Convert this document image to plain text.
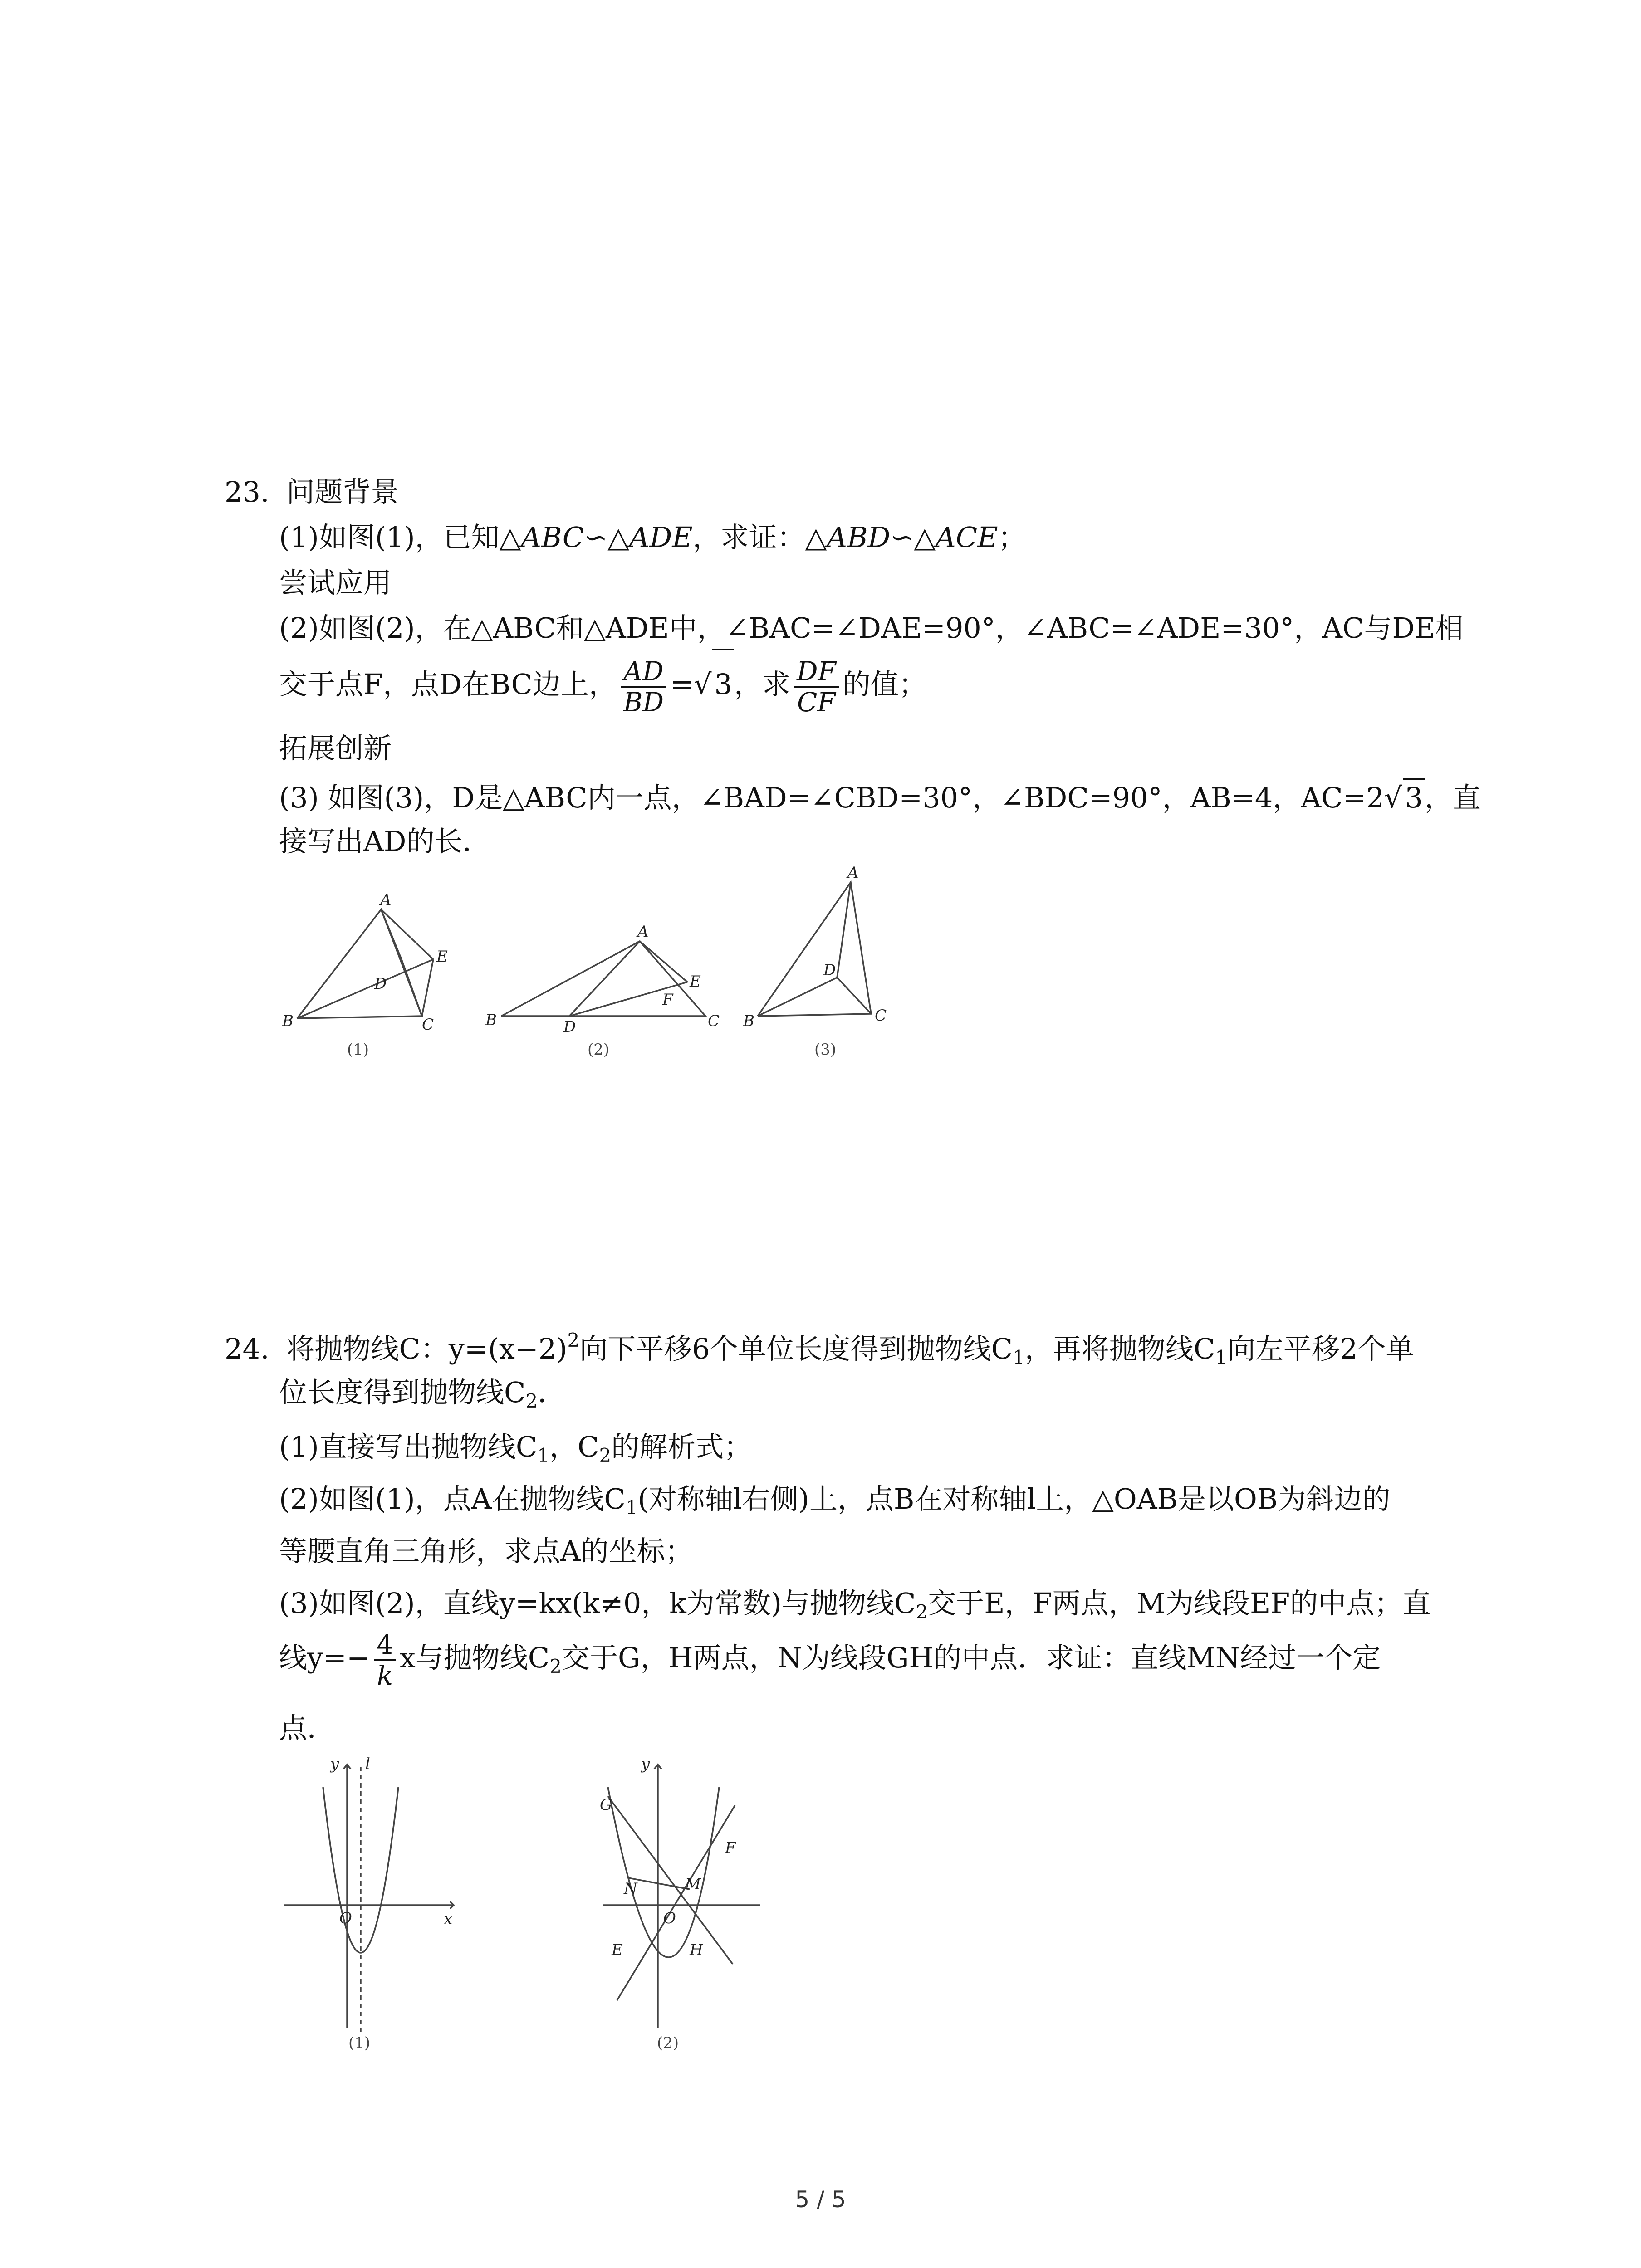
23. 问题背景
(1)如图(1)，已知△ABC∽△ADE，求证：△ABD∽△ACE；
尝试应用
(2)如图(2)，在△ABC和△ADE中，∠BAC=∠DAE=90°，∠ABC=∠ADE=30°，AC与DE相
交于点F，点D在BC边上， $\frac{AD}{BD} =√3$，求 $\frac{DF}{CF}$ 的值；
拓展创新
(3) 如图(3)，D是△ABC内一点，∠BAD=∠CBD=30°，∠BDC=90°，AB=4，AC=2√3，直
接写出AD的长．
A
E
D
B	C
A
E
F
B	D	C
A
D
B	C
(1)	(2)	(3)
24. 将抛物线C：$y=(x-2)^2$向下平移6个单位长度得到抛物线$C_1$，再将抛物线$C_1$向左平移2个单
位长度得到抛物线$C_2$．
(1)直接写出抛物线$C_1$，$C_2$的解析式；
(2)如图(1)，点A在抛物线$C_1$(对称轴l右侧)上，点B在对称轴l上，△OAB是以OB为斜边的
等腰直角三角形，求点A的坐标；
(3)如图(2)，直线y=kx(k≠0，k为常数)与抛物线$C_2$交于E，F两点，M为线段EF的中点；直
线$y=- \frac{4}{k}$ x与抛物线$C_2$交于G，H两点，N为线段GH的中点．求证：直线MN经过一个定
点．
y l
O	x
(1)
y
G
F
N	M
O
E	H
(2)
5 / 5
